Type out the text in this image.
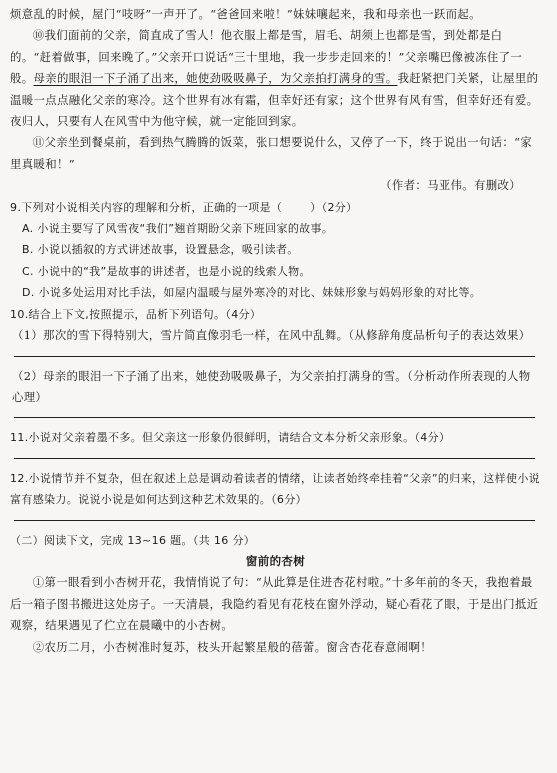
烦意乱的时候，屋门“吱呀”一声开了。“爸爸回来啦！”妹妹嚷起来，我和母亲也一跃而起。

⑩我们面前的父亲，简直成了雪人！他衣服上都是雪，眉毛、胡须上也都是雪，到处都是白的。“赶着做事，回来晚了。”父亲开口说话“三十里地，我一步步走回来的！”父亲嘴巴像被冻住了一般。母亲的眼泪一下子涌了出来，她使劲吸吸鼻子，为父亲拍打满身的雪。我赶紧把门关紧，让屋里的温暖一点点融化父亲的寒冷。这个世界有冰有霜，但幸好还有家；这个世界有风有雪，但幸好还有爱。夜归人，只要有人在风雪中为他守候，就一定能回到家。

⑪父亲坐到餐桌前，看到热气腾腾的饭菜，张口想要说什么，又停了一下，终于说出一句话：“家里真暖和！”

（作者：马亚伟。有删改）

9.下列对小说相关内容的理解和分析，正确的一项是（	）（2分）

A. 小说主要写了风雪夜“我们”翘首期盼父亲下班回家的故事。

B. 小说以插叙的方式讲述故事，设置悬念，吸引读者。

C. 小说中的“我”是故事的讲述者，也是小说的线索人物。

D. 小说多处运用对比手法，如屋内温暖与屋外寒冷的对比、妹妹形象与妈妈形象的对比等。

10.结合上下文,按照提示，品析下列语句。（4分）

（1）那次的雪下得特别大，雪片简直像羽毛一样，在风中乱舞。（从修辞角度品析句子的表达效果）

（2）母亲的眼泪一下子涌了出来，她使劲吸吸鼻子，为父亲拍打满身的雪。（分析动作所表现的人物心理）

11.小说对父亲着墨不多。但父亲这一形象仍很鲜明，请结合文本分析父亲形象。（4分）

12.小说情节并不复杂，但在叙述上总是调动着读者的情绪，让读者始终牵挂着“父亲”的归来，这样使小说富有感染力。说说小说是如何达到这种艺术效果的。（6分）

（二）阅读下文，完成 13~16 题。（共 16 分）

窗前的杏树

①第一眼看到小杏树开花，我情悄说了句：“从此算是住进杏花村啦。”十多年前的冬天，我抱着最后一箱子图书搬进这处房子。一天清晨，我隐约看见有花枝在窗外浮动，疑心看花了眼，于是出门抵近观察，结果遇见了伫立在晨曦中的小杏树。

②农历二月，小杏树准时复苏，枝头开起繁星般的蓓蕾。窗含杏花春意闹啊！
